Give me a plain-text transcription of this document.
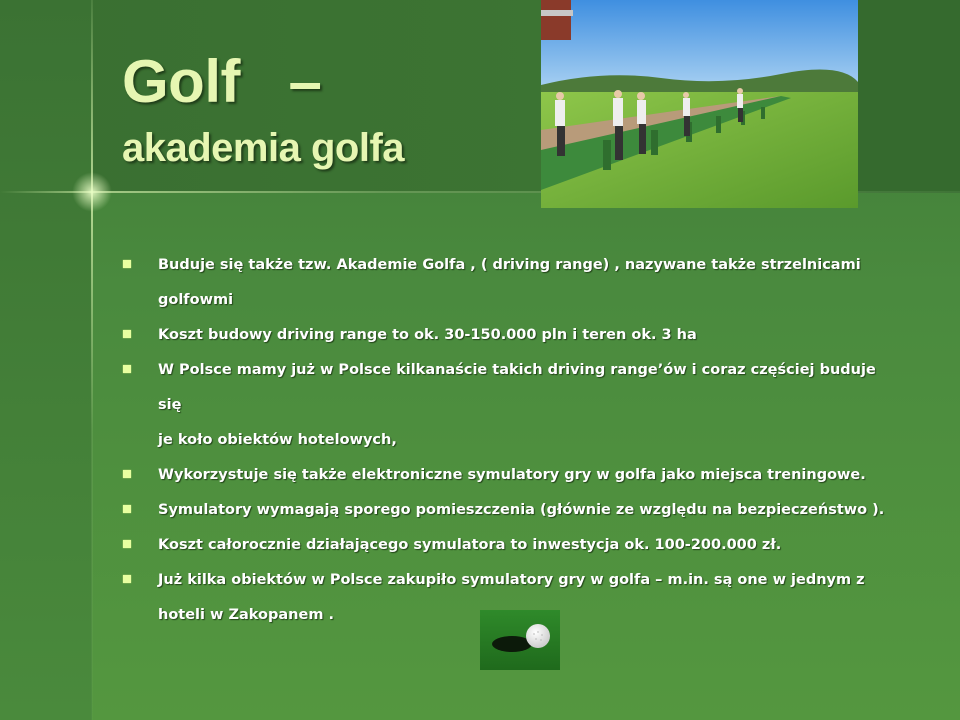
Golf   –
akademia golfa
Buduje się także tzw. Akademie Golfa , ( driving range) , nazywane także strzelnicami
golfowmi
Koszt budowy driving range to ok. 30-150.000 pln i teren ok. 3 ha
W Polsce mamy już w Polsce kilkanaście takich driving range’ów i coraz częściej buduje się
je koło obiektów hotelowych,
Wykorzystuje się także elektroniczne symulatory gry w golfa jako miejsca treningowe.
Symulatory wymagają sporego pomieszczenia (głównie ze względu na bezpieczeństwo ).
Koszt całorocznie działającego symulatora to inwestycja ok. 100-200.000 zł.
Już kilka obiektów w Polsce zakupiło symulatory gry w golfa – m.in. są one w jednym z
hoteli w Zakopanem .
